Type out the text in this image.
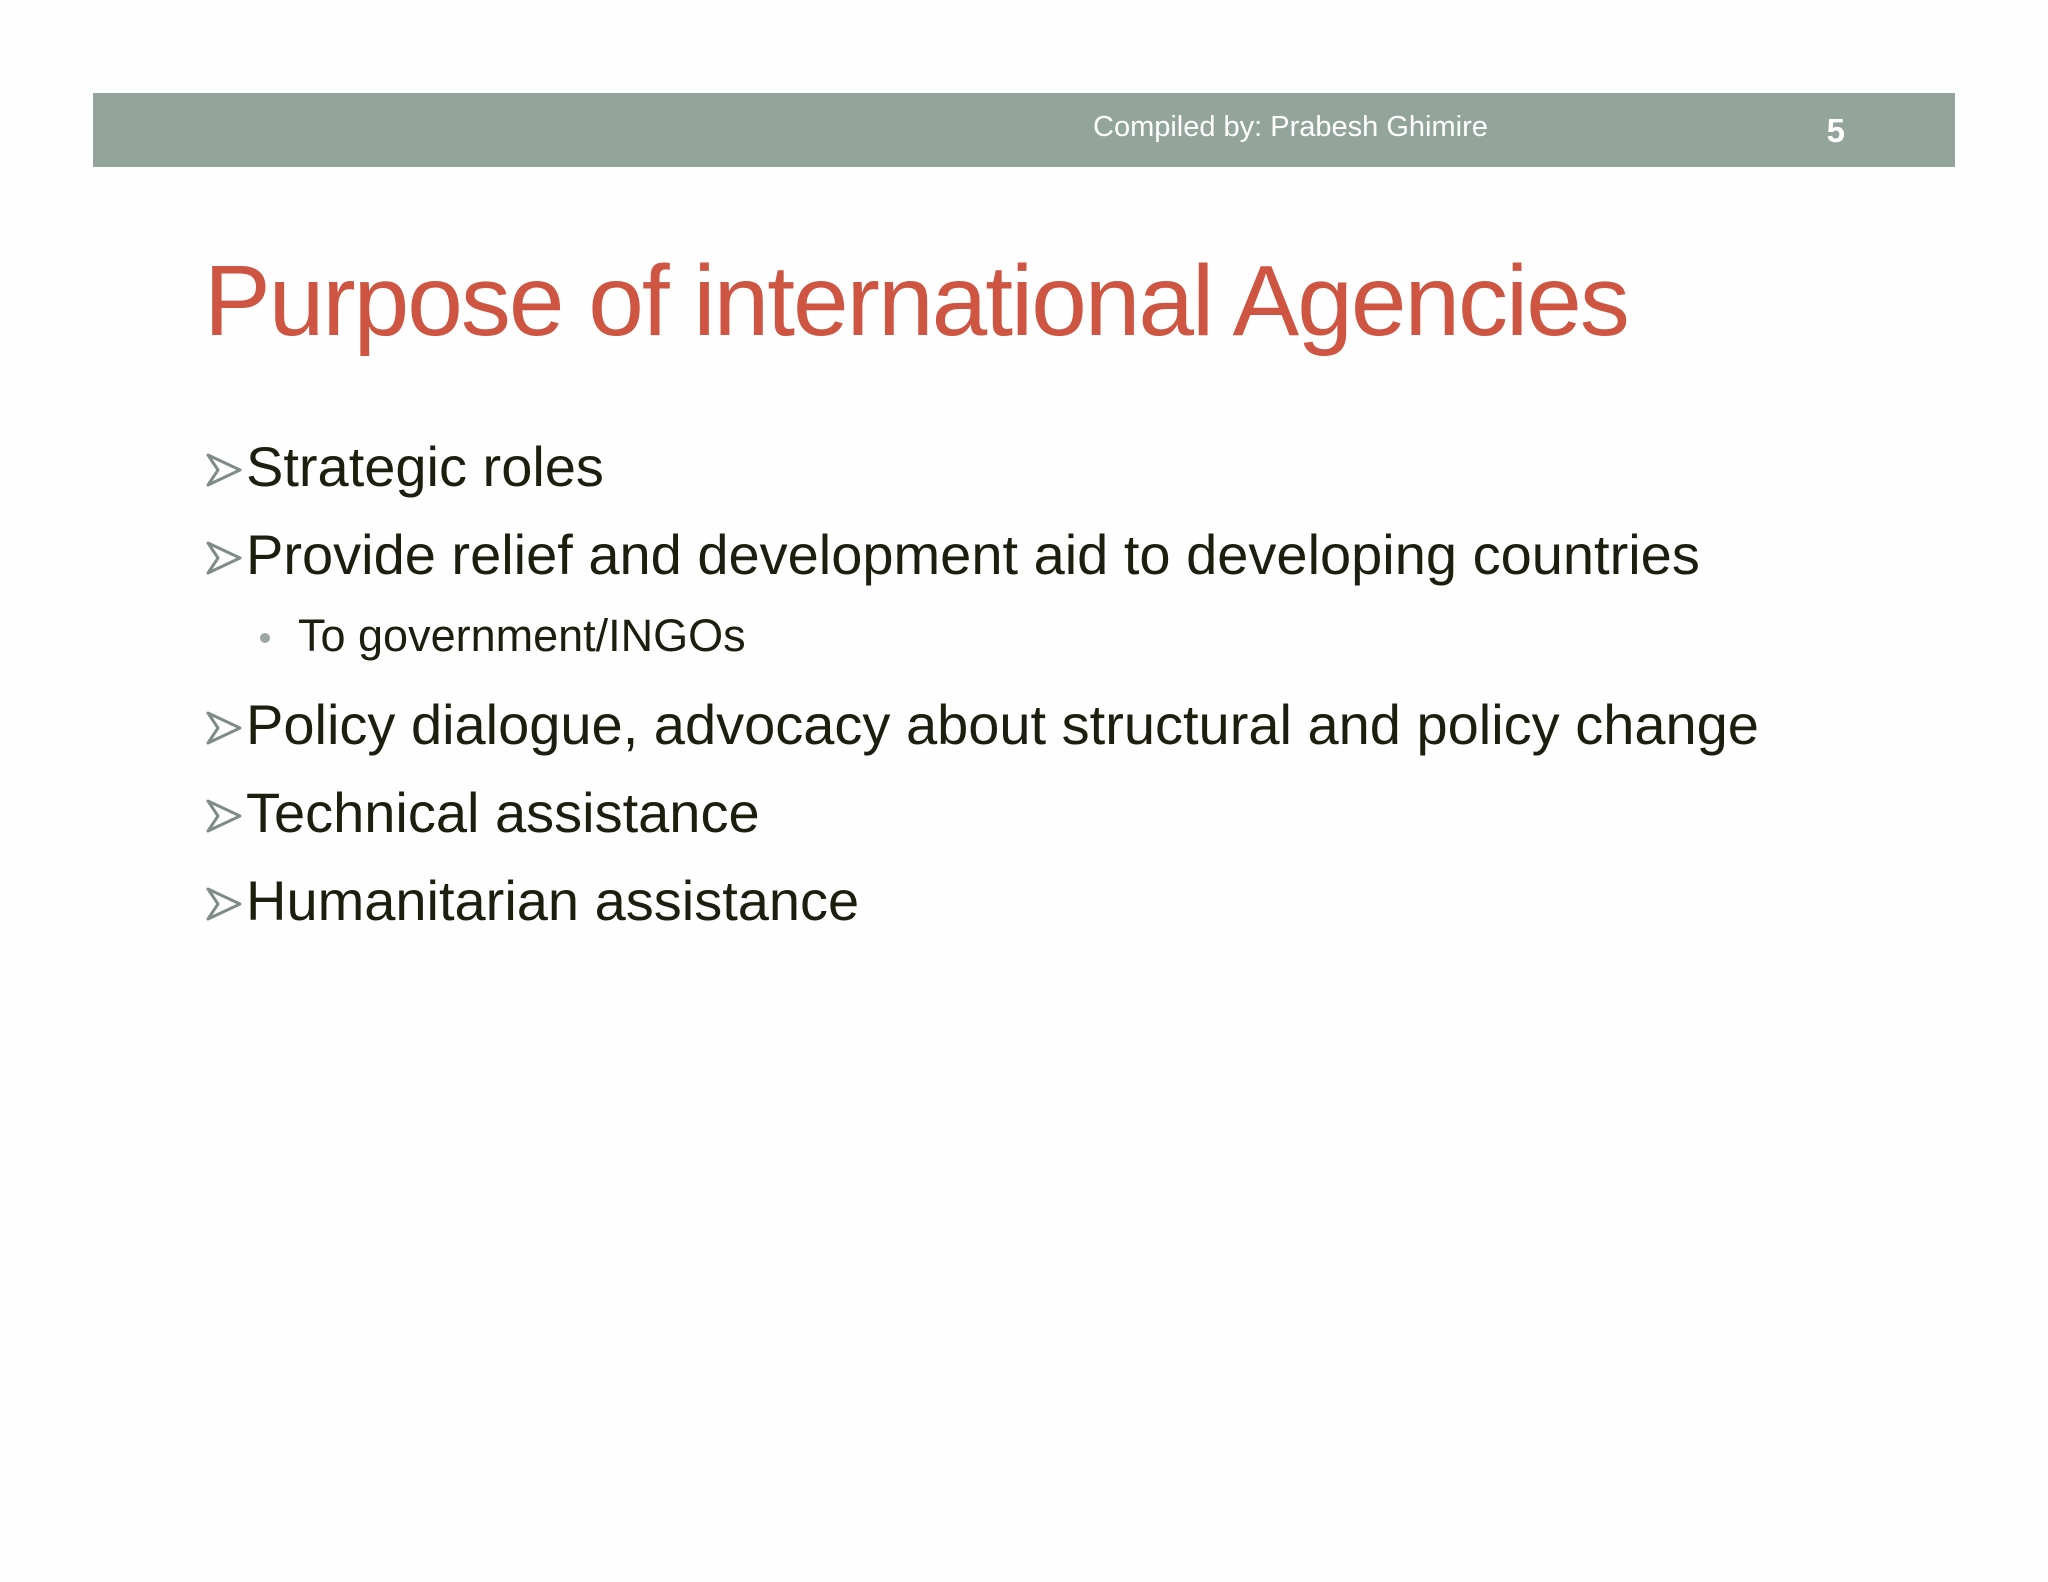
Compiled by: Prabesh Ghimire	5
Purpose of international Agencies
Strategic roles
Provide relief and development aid to developing countries
To government/INGOs
Policy dialogue, advocacy about structural and policy change
Technical assistance
Humanitarian assistance
